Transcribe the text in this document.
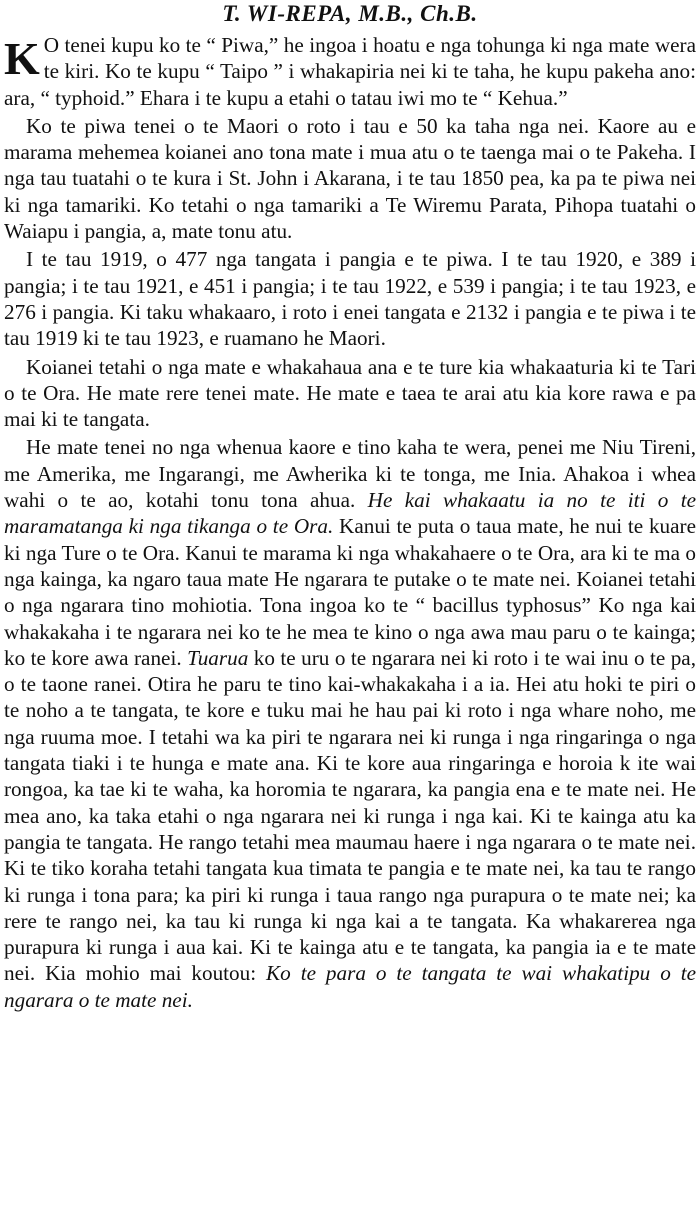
T. WI-REPA, M.B., Ch.B.

K O tenei kupu ko te “ Piwa,” he ingoa i hoatu e nga tohunga ki nga mate wera te kiri. Ko te kupu “ Taipo ” i whakapiria nei ki te taha, he kupu pakeha ano: ara, “ typhoid.” Ehara i te kupu a etahi o tatau iwi mo te “ Kehua.”

Ko te piwa tenei o te Maori o roto i tau e 50 ka taha nga nei. Kaore au e marama mehemea koianei ano tona mate i mua atu o te taenga mai o te Pakeha. I nga tau tuatahi o te kura i St. John i Akarana, i te tau 1850 pea, ka pa te piwa nei ki nga tamariki. Ko tetahi o nga tamariki a Te Wiremu Parata, Pihopa tuatahi o Waiapu i pangia, a, mate tonu atu.

I te tau 1919, o 477 nga tangata i pangia e te piwa. I te tau 1920, e 389 i pangia; i te tau 1921, e 451 i pangia; i te tau 1922, e 539 i pangia; i te tau 1923, e 276 i pangia. Ki taku whakaaro, i roto i enei tangata e 2132 i pangia e te piwa i te tau 1919 ki te tau 1923, e ruamano he Maori.

Koianei tetahi o nga mate e whakahaua ana e te ture kia whakaaturia ki te Tari o te Ora. He mate rere tenei mate. He mate e taea te arai atu kia kore rawa e pa mai ki te tangata.

He mate tenei no nga whenua kaore e tino kaha te wera, penei me Niu Tireni, me Amerika, me Ingarangi, me Awherika ki te tonga, me Inia. Ahakoa i whea wahi o te ao, kotahi tonu tona ahua. He kai whakaatu ia no te iti o te maramatanga ki nga tikanga o te Ora. Kanui te puta o taua mate, he nui te kuare ki nga Ture o te Ora. Kanui te marama ki nga whakahaere o te Ora, ara ki te ma o nga kainga, ka ngaro taua mate He ngarara te putake o te mate nei. Koianei tetahi o nga ngarara tino mohiotia. Tona ingoa ko te “ bacillus typhosus” Ko nga kai whakakaha i te ngarara nei ko te he mea te kino o nga awa mau paru o te kainga; ko te kore awa ranei. Tuarua ko te uru o te ngarara nei ki roto i te wai inu o te pa, o te taone ranei. Otira he paru te tino kai-whakakaha i a ia. Hei atu hoki te piri o te noho a te tangata, te kore e tuku mai he hau pai ki roto i nga whare noho, me nga ruuma moe. I tetahi wa ka piri te ngarara nei ki runga i nga ringaringa o nga tangata tiaki i te hunga e mate ana. Ki te kore aua ringaringa e horoia k ite wai rongoa, ka tae ki te waha, ka horomia te ngarara, ka pangia ena e te mate nei. He mea ano, ka taka etahi o nga ngarara nei ki runga i nga kai. Ki te kainga atu ka pangia te tangata. He rango tetahi mea maumau haere i nga ngarara o te mate nei. Ki te tiko koraha tetahi tangata kua timata te pangia e te mate nei, ka tau te rango ki runga i tona para; ka piri ki runga i taua rango nga purapura o te mate nei; ka rere te rango nei, ka tau ki runga ki nga kai a te tangata. Ka whakarerea nga purapura ki runga i aua kai. Ki te kainga atu e te tangata, ka pangia ia e te mate nei. Kia mohio mai koutou: Ko te para o te tangata te wai whakatipu o te ngarara o te mate nei.
